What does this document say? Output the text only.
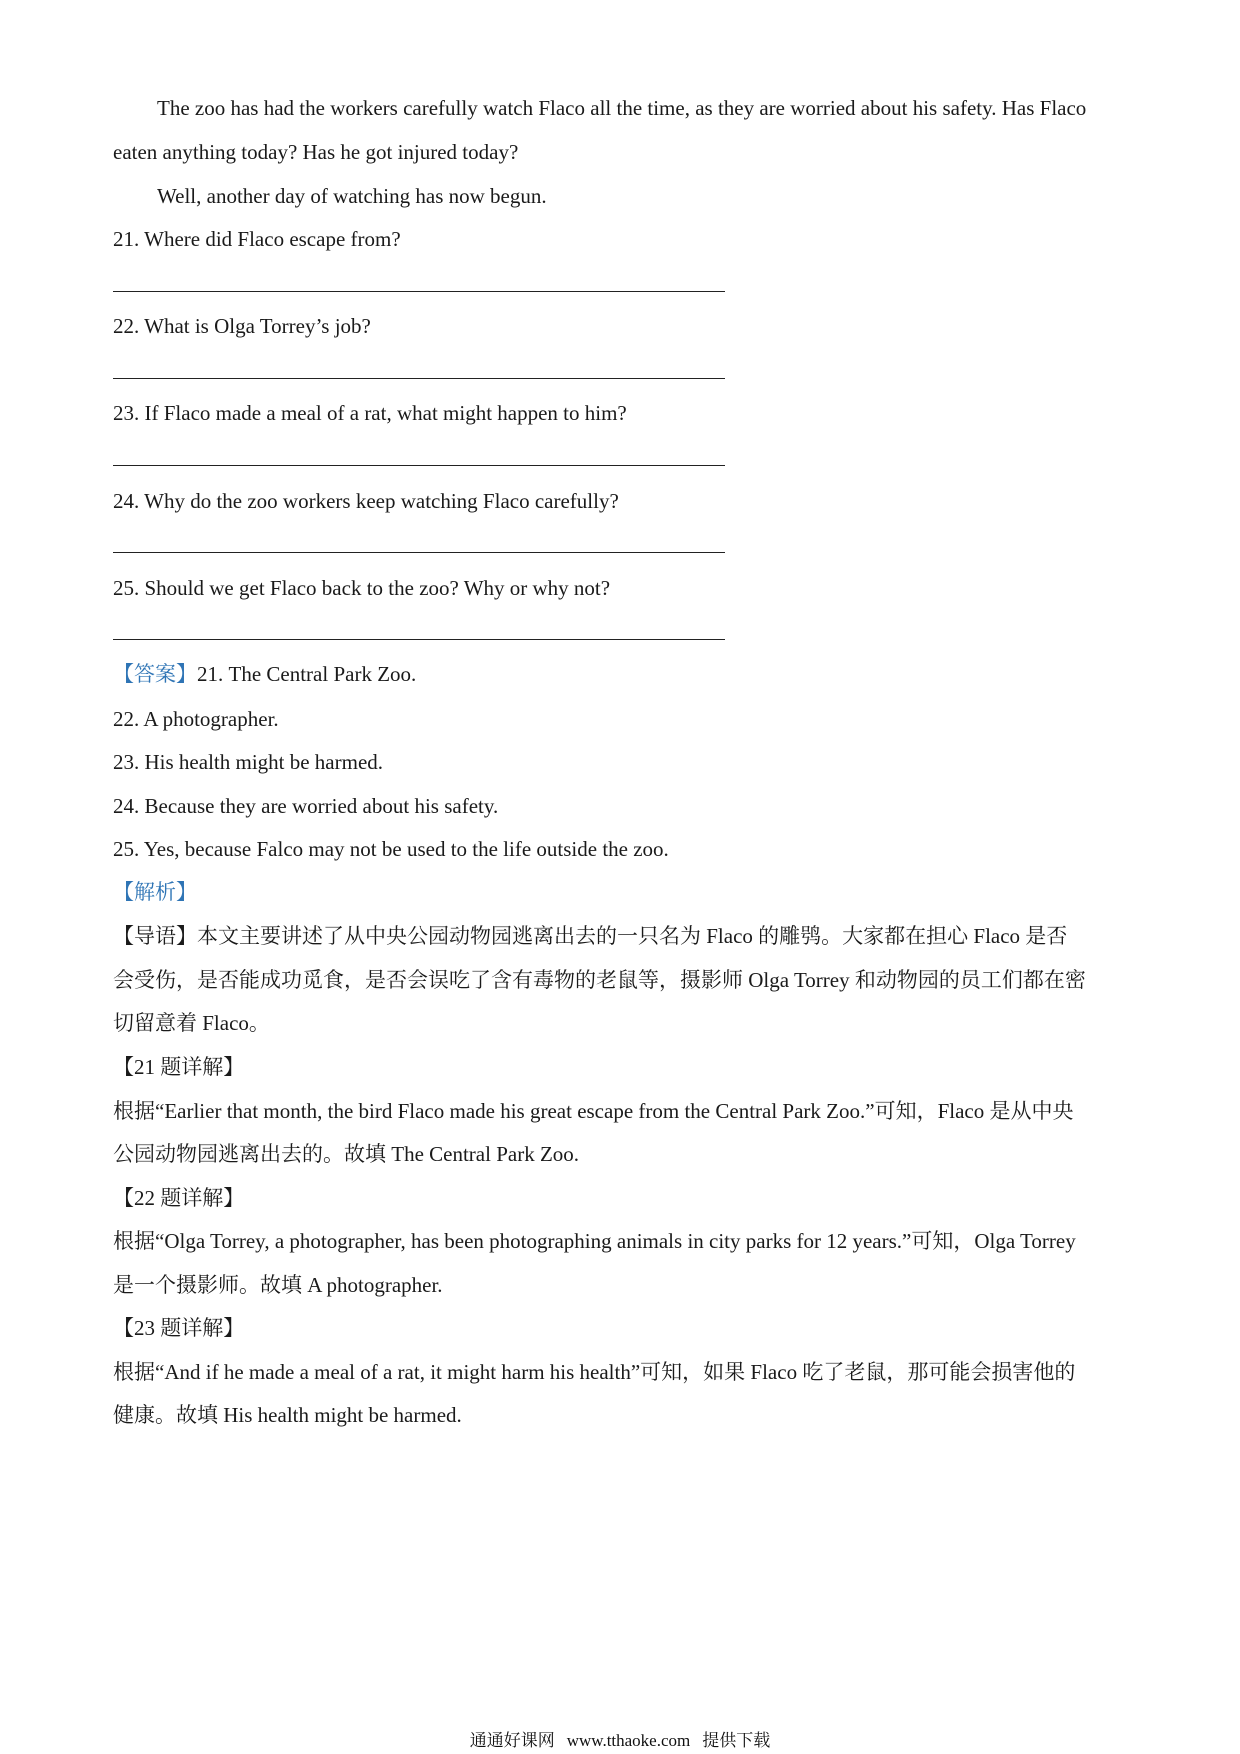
The zoo has had the workers carefully watch Flaco all the time, as they are worried about his safety. Has Flaco
eaten anything today? Has he got injured today?
Well, another day of watching has now begun.
21. Where did Flaco escape from?
22. What is Olga Torrey’s job?
23. If Flaco made a meal of a rat, what might happen to him?
24. Why do the zoo workers keep watching Flaco carefully?
25. Should we get Flaco back to the zoo? Why or why not?
【答案】21. The Central Park Zoo.
22. A photographer.
23. His health might be harmed.
24. Because they are worried about his safety.
25. Yes, because Falco may not be used to the life outside the zoo.
【解析】
【导语】本文主要讲述了从中央公园动物园逃离出去的一只名为 Flaco 的雕鸮。大家都在担心 Flaco 是否
会受伤，是否能成功觅食，是否会误吃了含有毒物的老鼠等，摄影师 Olga Torrey 和动物园的员工们都在密
切留意着 Flaco。
【21 题详解】
根据“Earlier that month, the bird Flaco made his great escape from the Central Park Zoo.”可知，Flaco 是从中央
公园动物园逃离出去的。故填 The Central Park Zoo.
【22 题详解】
根据“Olga Torrey, a photographer, has been photographing animals in city parks for 12 years.”可知，Olga Torrey
是一个摄影师。故填 A photographer.
【23 题详解】
根据“And if he made a meal of a rat, it might harm his health”可知，如果 Flaco 吃了老鼠，那可能会损害他的
健康。故填 His health might be harmed.
通通好课网 www.tthaoke.com 提供下载
